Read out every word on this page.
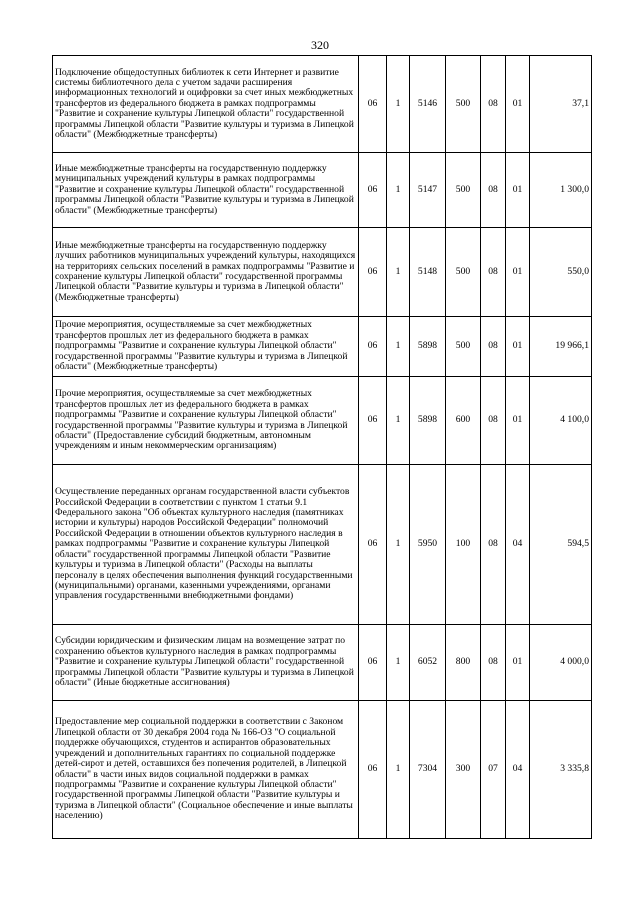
320
Подключение общедоступных библиотек к сети Интернет и развитие системы библиотечного дела с учетом задачи расширения информационных технологий и оцифровки за счет иных межбюджетных трансфертов из федерального бюджета в рамках подпрограммы "Развитие и сохранение культуры Липецкой области" государственной программы Липецкой области "Развитие культуры и туризма в Липецкой области" (Межбюджетные трансферты)	06	1	5146	500	08	01	37,1
Иные межбюджетные трансферты на государственную поддержку муниципальных учреждений культуры в рамках подпрограммы "Развитие и сохранение культуры Липецкой области" государственной программы Липецкой области "Развитие культуры и туризма в Липецкой области" (Межбюджетные трансферты)	06	1	5147	500	08	01	1 300,0
Иные межбюджетные трансферты на государственную поддержку лучших работников муниципальных учреждений культуры, находящихся на территориях сельских поселений в рамках подпрограммы "Развитие и сохранение культуры Липецкой области" государственной программы Липецкой области "Развитие культуры и туризма в Липецкой области" (Межбюджетные трансферты)	06	1	5148	500	08	01	550,0
Прочие мероприятия, осуществляемые за счет межбюджетных трансфертов прошлых лет из федерального бюджета в рамках подпрограммы "Развитие и сохранение культуры Липецкой области" государственной программы "Развитие культуры и туризма в Липецкой области" (Межбюджетные трансферты)	06	1	5898	500	08	01	19 966,1
Прочие мероприятия, осуществляемые за счет межбюджетных трансфертов прошлых лет из федерального бюджета в рамках подпрограммы "Развитие и сохранение культуры Липецкой области" государственной программы "Развитие культуры и туризма в Липецкой области" (Предоставление субсидий бюджетным, автономным учреждениям и иным некоммерческим организациям)	06	1	5898	600	08	01	4 100,0
Осуществление переданных органам государственной власти субъектов Российской Федерации в соответствии с пунктом 1 статьи 9.1 Федерального закона "Об объектах культурного наследия (памятниках истории и культуры) народов Российской Федерации" полномочий Российской Федерации в отношении объектов культурного наследия в рамках подпрограммы "Развитие и сохранение культуры Липецкой области" государственной программы Липецкой области "Развитие культуры и туризма в Липецкой области" (Расходы на выплаты персоналу в целях обеспечения выполнения функций государственными (муниципальными) органами, казенными учреждениями, органами управления государственными внебюджетными фондами)	06	1	5950	100	08	04	594,5
Субсидии юридическим и физическим лицам на возмещение затрат по сохранению объектов культурного наследия в рамках подпрограммы "Развитие и сохранение культуры Липецкой области" государственной программы Липецкой области "Развитие культуры и туризма в Липецкой области" (Иные бюджетные ассигнования)	06	1	6052	800	08	01	4 000,0
Предоставление мер социальной поддержки в соответствии с Законом Липецкой области от 30 декабря 2004 года № 166-ОЗ "О социальной поддержке обучающихся, студентов и аспирантов образовательных учреждений и дополнительных гарантиях по социальной поддержке детей-сирот и детей, оставшихся без попечения родителей, в Липецкой области" в части иных видов социальной поддержки в рамках подпрограммы "Развитие и сохранение культуры Липецкой области" государственной программы Липецкой области "Развитие культуры и туризма в Липецкой области" (Социальное обеспечение и иные выплаты населению)	06	1	7304	300	07	04	3 335,8
